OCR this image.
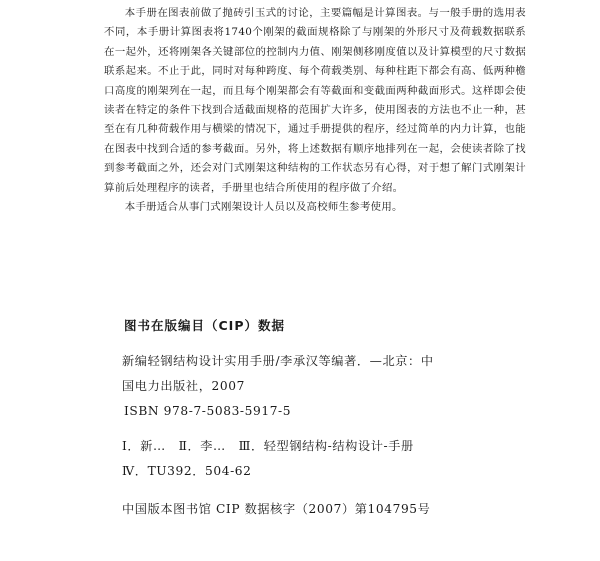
本手册在图表前做了抛砖引玉式的讨论，主要篇幅是计算图表。与一般手册的选用表不同，本手册计算图表将1740个刚架的截面规格除了与刚架的外形尺寸及荷载数据联系在一起外，还将刚架各关键部位的控制内力值、刚架侧移刚度值以及计算模型的尺寸数据联系起来。不止于此，同时对每种跨度、每个荷载类别、每种柱距下都会有高、低两种檐口高度的刚架列在一起，而且每个刚架都会有等截面和变截面两种截面形式。这样即会使读者在特定的条件下找到合适截面规格的范围扩大许多，使用图表的方法也不止一种，甚至在有几种荷载作用与横梁的情况下，通过手册提供的程序，经过简单的内力计算，也能在图表中找到合适的参考截面。另外，将上述数据有顺序地排列在一起，会使读者除了找到参考截面之外，还会对门式刚架这种结构的工作状态另有心得，对于想了解门式刚架计算前后处理程序的读者，手册里也结合所使用的程序做了介绍。

本手册适合从事门式刚架设计人员以及高校师生参考使用。

图书在版编目（CIP）数据
新编轻钢结构设计实用手册/李承汉等编著．—北京：中
国电力出版社，2007
ISBN 978-7-5083-5917-5
Ⅰ．新…　Ⅱ．李…　Ⅲ．轻型钢结构-结构设计-手册
Ⅳ．TU392．504-62
中国版本图书馆 CIP 数据核字（2007）第104795号
